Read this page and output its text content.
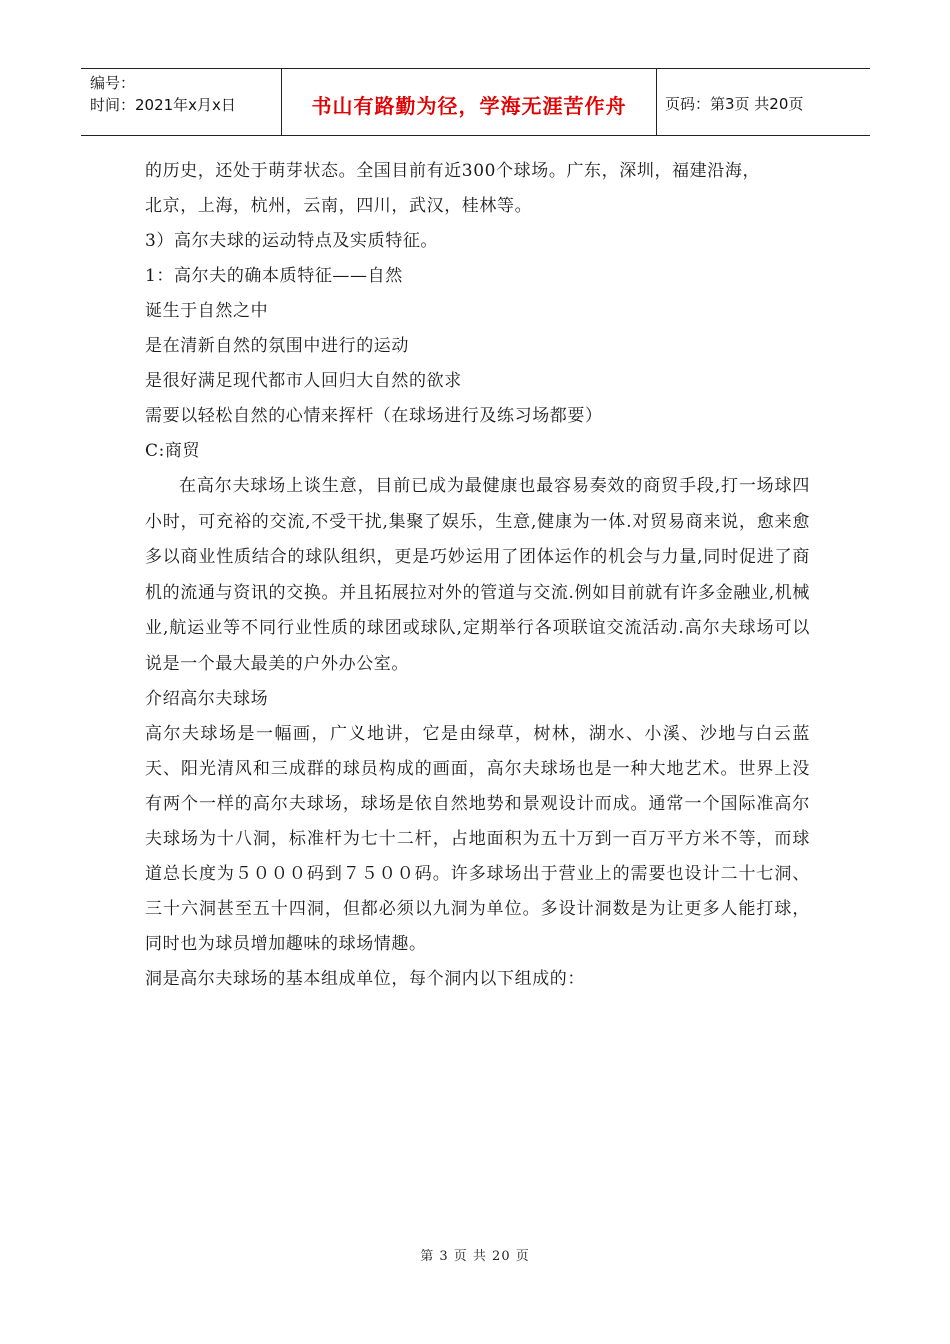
编号：
时间：2021年x月x日	书山有路勤为径，学海无涯苦作舟	页码：第3页 共20页

的历史，还处于萌芽状态。全国目前有近300个球场。广东，深圳，福建沿海，

北京，上海，杭州，云南，四川，武汉，桂林等。

3）高尔夫球的运动特点及实质特征。

1：高尔夫的确本质特征——自然

诞生于自然之中

是在清新自然的氛围中进行的运动

是很好满足现代都市人回归大自然的欲求

需要以轻松自然的心情来挥杆（在球场进行及练习场都要）

C:商贸

在高尔夫球场上谈生意，目前已成为最健康也最容易奏效的商贸手段,打一场球四小时，可充裕的交流,不受干扰,集聚了娱乐，生意,健康为一体.对贸易商来说，愈来愈多以商业性质结合的球队组织，更是巧妙运用了团体运作的机会与力量,同时促进了商机的流通与资讯的交换。并且拓展拉对外的管道与交流.例如目前就有许多金融业,机械业,航运业等不同行业性质的球团或球队,定期举行各项联谊交流活动.高尔夫球场可以说是一个最大最美的户外办公室。

介绍高尔夫球场

高尔夫球场是一幅画，广义地讲，它是由绿草，树林，湖水、小溪、沙地与白云蓝天、阳光清风和三成群的球员构成的画面，高尔夫球场也是一种大地艺术。世界上没有两个一样的高尔夫球场，球场是依自然地势和景观设计而成。通常一个国际准高尔夫球场为十八洞，标准杆为七十二杆，占地面积为五十万到一百万平方米不等，而球道总长度为５０００码到７５００码。许多球场出于营业上的需要也设计二十七洞、三十六洞甚至五十四洞，但都必须以九洞为单位。多设计洞数是为让更多人能打球，同时也为球员增加趣味的球场情趣。

洞是高尔夫球场的基本组成单位，每个洞内以下组成的：

第 3 页 共 20 页
